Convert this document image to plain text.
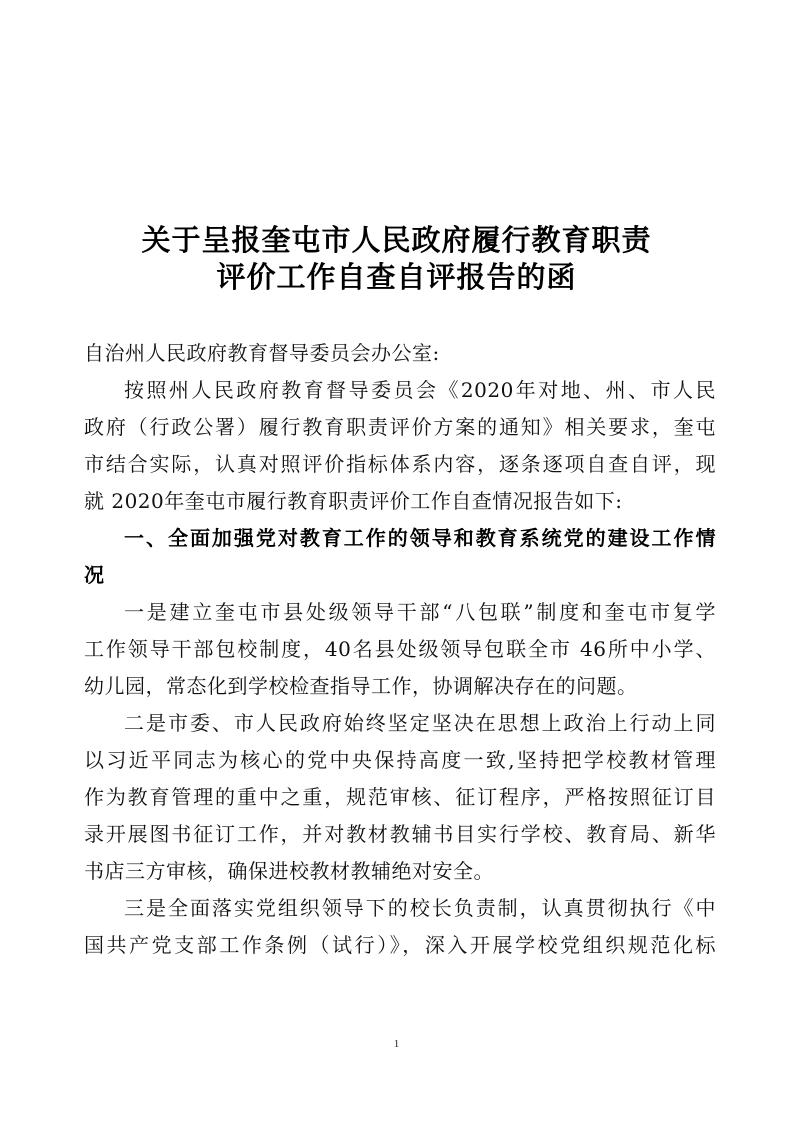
关于呈报奎屯市人民政府履行教育职责
评价工作自查自评报告的函
自治州人民政府教育督导委员会办公室:
按照州人民政府教育督导委员会《2020年对地、州、市人民
政府（行政公署）履行教育职责评价方案的通知》相关要求，奎屯
市结合实际，认真对照评价指标体系内容，逐条逐项自查自评，现
就 2020年奎屯市履行教育职责评价工作自查情况报告如下:
一、全面加强党对教育工作的领导和教育系统党的建设工作情
况
一是建立奎屯市县处级领导干部“八包联”制度和奎屯市复学
工作领导干部包校制度，40名县处级领导包联全市 46所中小学、
幼儿园，常态化到学校检查指导工作，协调解决存在的问题。
二是市委、市人民政府始终坚定坚决在思想上政治上行动上同
以习近平同志为核心的党中央保持高度一致,坚持把学校教材管理
作为教育管理的重中之重，规范审核、征订程序，严格按照征订目
录开展图书征订工作，并对教材教辅书目实行学校、教育局、新华
书店三方审核，确保进校教材教辅绝对安全。
三是全面落实党组织领导下的校长负责制，认真贯彻执行《中
国共产党支部工作条例（试行）》，深入开展学校党组织规范化标
1
